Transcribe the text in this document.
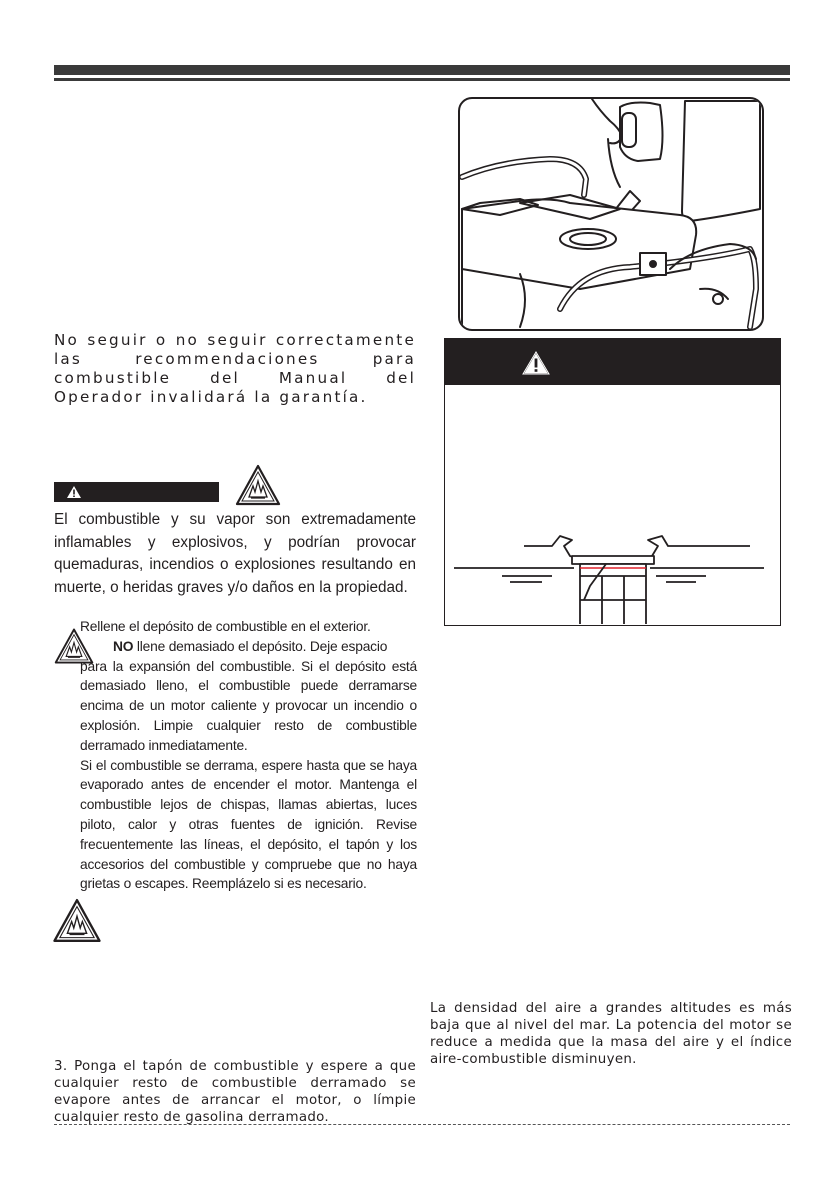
No seguir o no seguir correctamente las recommendaciones para combustible del Manual del Operador invalidará la garantía.
El combustible y su vapor son extremadamente inflamables y explosivos, y podrían provocar quemaduras, incendios o explosiones resultando en muerte, o heridas graves y/o daños en la propiedad.
Rellene el depósito de combustible en el exterior.
NO llene demasiado el depósito. Deje espacio
para la expansión del combustible. Si el depósito está demasiado lleno, el combustible puede derramarse encima de un motor caliente y provocar un incendio o explosión. Limpie cualquier resto de combustible derramado inmediatamente.
Si el combustible se derrama, espere hasta que se haya evaporado antes de encender el motor. Mantenga el combustible lejos de chispas, llamas abiertas, luces piloto, calor y otras fuentes de ignición. Revise frecuentemente las líneas, el depósito, el tapón y los accesorios del combustible y compruebe que no haya grietas o escapes. Reemplázelo si es necesario.
3. Ponga el tapón de combustible y espere a que cualquier resto de combustible derramado se evapore antes de arrancar el motor, o límpie cualquier resto de gasolina derramado.
La densidad del aire a grandes altitudes es más baja que al nivel del mar. La potencia del motor se reduce a medida que la masa del aire y el índice aire-combustible disminuyen.
